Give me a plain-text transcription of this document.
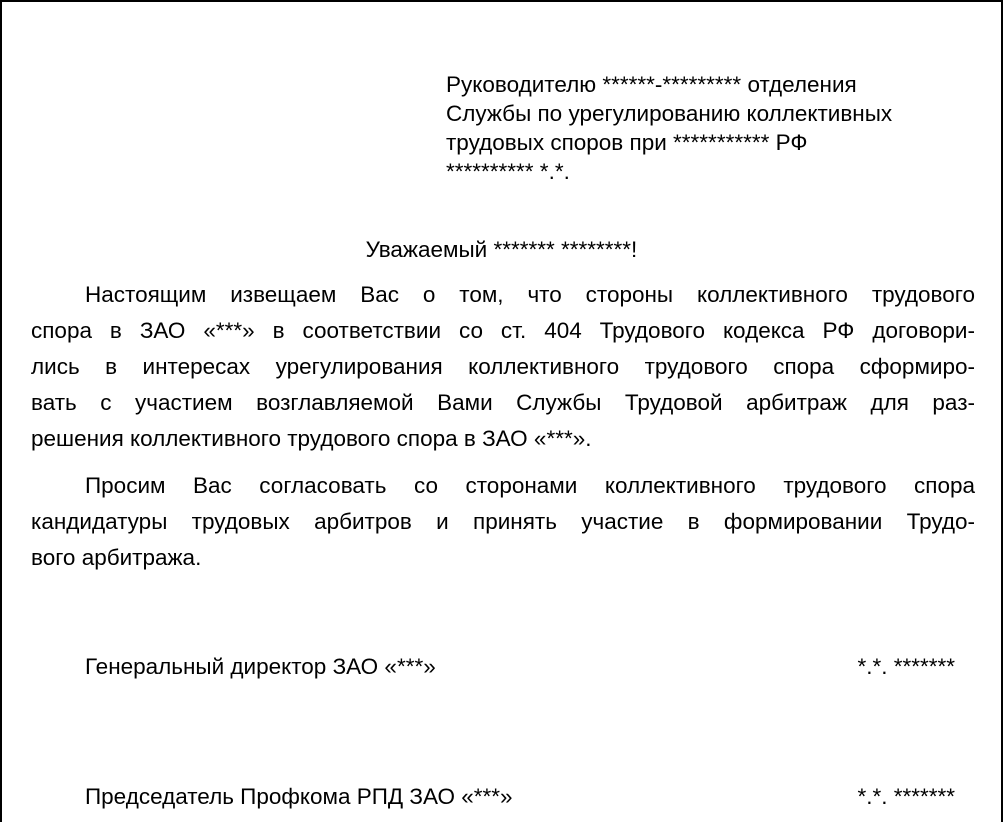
Руководителю ******-********* отделения
Службы по урегулированию коллективных
трудовых споров при *********** РФ
********** *.*.
Уважаемый ******* ********!
Настоящим извещаем Вас о том, что стороны коллективного трудового
спора в ЗАО «***» в соответствии со ст. 404 Трудового кодекса РФ договори-
лись в интересах урегулирования коллективного трудового спора сформиро-
вать с участием возглавляемой Вами Службы Трудовой арбитраж для раз-
решения коллективного трудового спора в ЗАО «***».
Просим Вас согласовать со сторонами коллективного трудового спора
кандидатуры трудовых арбитров и принять участие в формировании Трудо-
вого арбитража.
Генеральный директор ЗАО «***»	*.*. *******
Председатель Профкома РПД ЗАО «***»	*.*. *******
